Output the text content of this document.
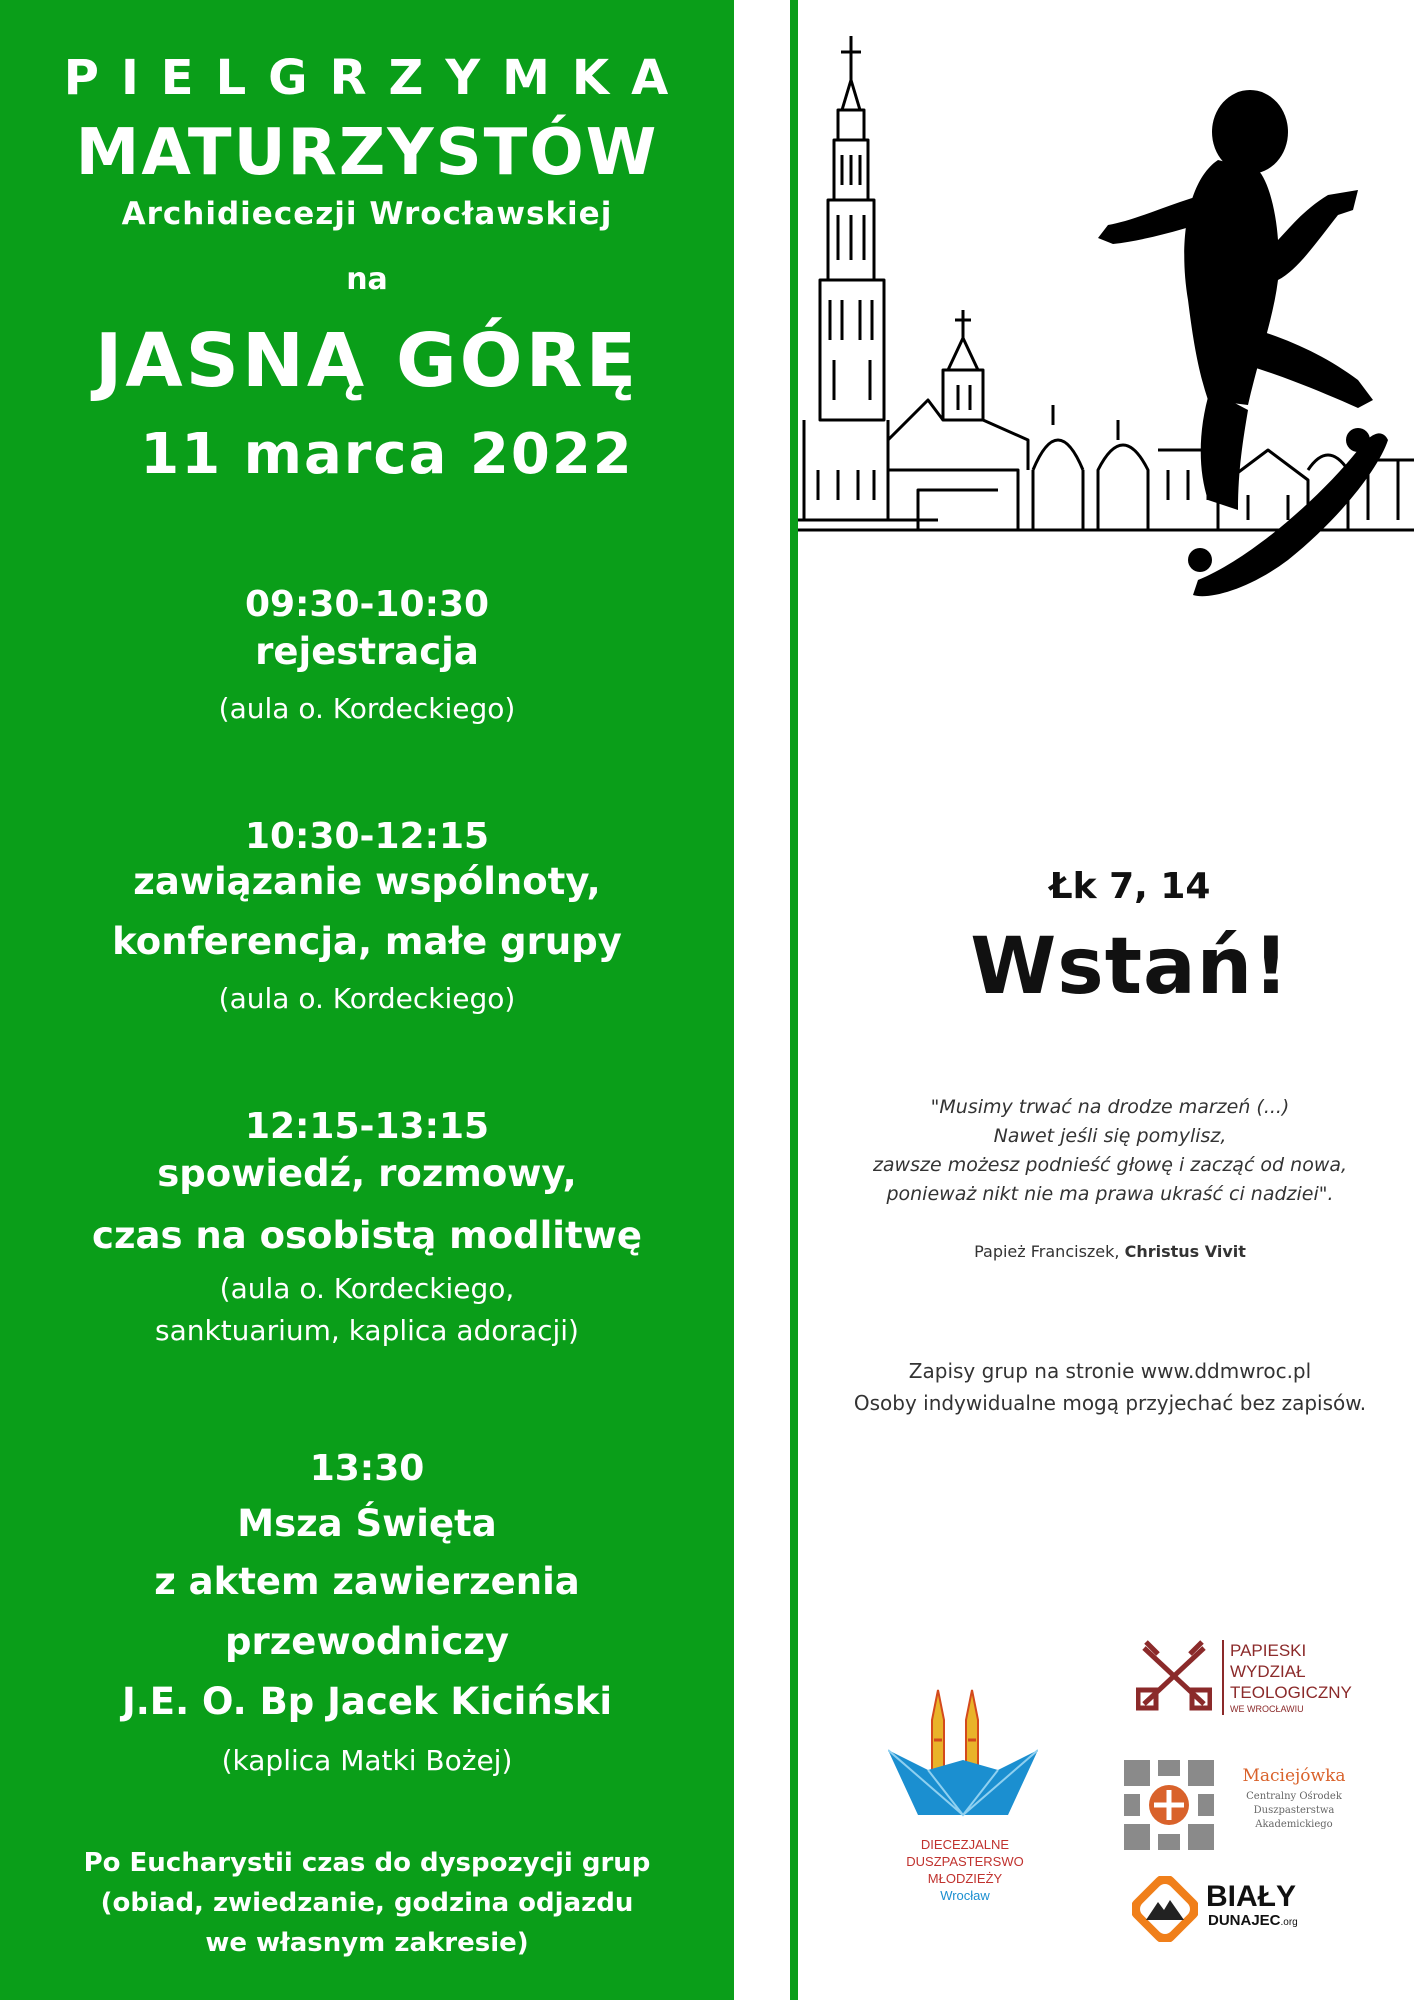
PIELGRZYMKA
MATURZYSTÓW
Archidiecezji Wrocławskiej
na
JASNĄ GÓRĘ
11 marca 2022
09:30-10:30
rejestracja
(aula o. Kordeckiego)
10:30-12:15
zawiązanie wspólnoty,
konferencja, małe grupy
(aula o. Kordeckiego)
12:15-13:15
spowiedź, rozmowy,
czas na osobistą modlitwę
(aula o. Kordeckiego,
sanktuarium, kaplica adoracji)
13:30
Msza Święta
z aktem zawierzenia
przewodniczy
J.E. O. Bp Jacek Kiciński
(kaplica Matki Bożej)
Po Eucharystii czas do dyspozycji grup
(obiad, zwiedzanie, godzina odjazdu
we własnym zakresie)
Łk 7, 14
Wstań!
"Musimy trwać na drodze marzeń (...)
Nawet jeśli się pomylisz,
zawsze możesz podnieść głowę i zacząć od nowa,
ponieważ nikt nie ma prawa ukraść ci nadziei".
Papież Franciszek, Christus Vivit
Zapisy grup na stronie www.ddmwroc.pl
Osoby indywidualne mogą przyjechać bez zapisów.
PAPIESKI
WYDZIAŁ
TEOLOGICZNY
WE WROCŁAWIU
Maciejówka
Centralny Ośrodek
Duszpasterstwa
Akademickiego
DIECEZJALNE
DUSZPASTERSWO
MŁODZIEŻY
Wrocław	BIAŁY
DUNAJEC.org
